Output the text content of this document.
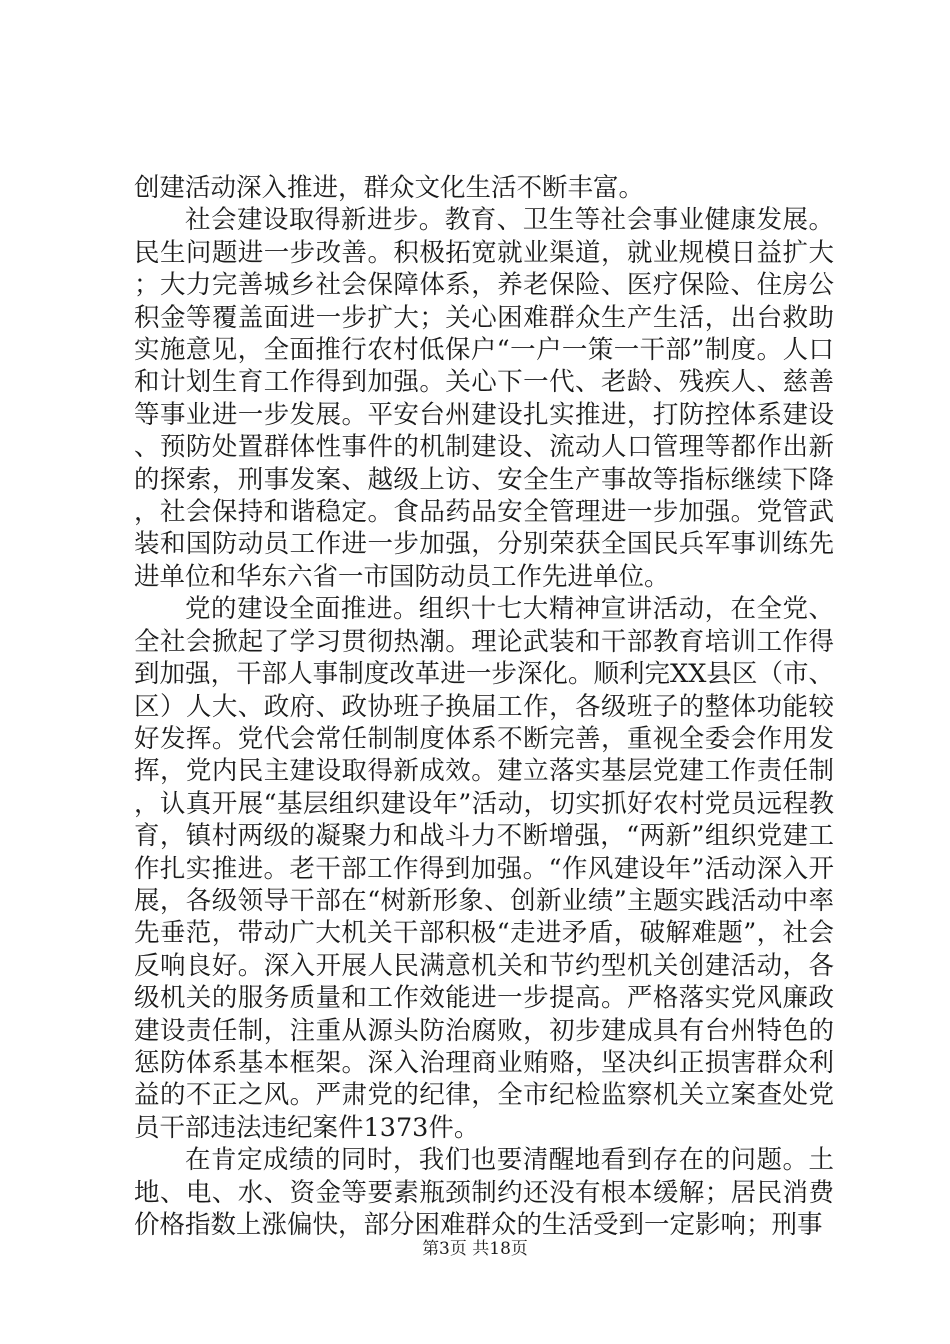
创建活动深入推进，群众文化生活不断丰富。

社会建设取得新进步。教育、卫生等社会事业健康发展。民生问题进一步改善。积极拓宽就业渠道，就业规模日益扩大；大力完善城乡社会保障体系，养老保险、医疗保险、住房公积金等覆盖面进一步扩大；关心困难群众生产生活，出台救助实施意见，全面推行农村低保户“一户一策一干部”制度。人口和计划生育工作得到加强。关心下一代、老龄、残疾人、慈善等事业进一步发展。平安台州建设扎实推进，打防控体系建设、预防处置群体性事件的机制建设、流动人口管理等都作出新的探索，刑事发案、越级上访、安全生产事故等指标继续下降，社会保持和谐稳定。食品药品安全管理进一步加强。党管武装和国防动员工作进一步加强，分别荣获全国民兵军事训练先进单位和华东六省一市国防动员工作先进单位。

党的建设全面推进。组织十七大精神宣讲活动，在全党、全社会掀起了学习贯彻热潮。理论武装和干部教育培训工作得到加强，干部人事制度改革进一步深化。顺利完XX县区（市、区）人大、政府、政协班子换届工作，各级班子的整体功能较好发挥。党代会常任制制度体系不断完善，重视全委会作用发挥，党内民主建设取得新成效。建立落实基层党建工作责任制，认真开展“基层组织建设年”活动，切实抓好农村党员远程教育，镇村两级的凝聚力和战斗力不断增强，“两新”组织党建工作扎实推进。老干部工作得到加强。“作风建设年”活动深入开展，各级领导干部在“树新形象、创新业绩”主题实践活动中率先垂范，带动广大机关干部积极“走进矛盾，破解难题”，社会反响良好。深入开展人民满意机关和节约型机关创建活动，各级机关的服务质量和工作效能进一步提高。严格落实党风廉政建设责任制，注重从源头防治腐败，初步建成具有台州特色的惩防体系基本框架。深入治理商业贿赂，坚决纠正损害群众利益的不正之风。严肃党的纪律，全市纪检监察机关立案查处党员干部违法违纪案件1373件。

在肯定成绩的同时，我们也要清醒地看到存在的问题。土地、电、水、资金等要素瓶颈制约还没有根本缓解；居民消费价格指数上涨偏快，部分困难群众的生活受到一定影响；刑事

第3页 共18页
